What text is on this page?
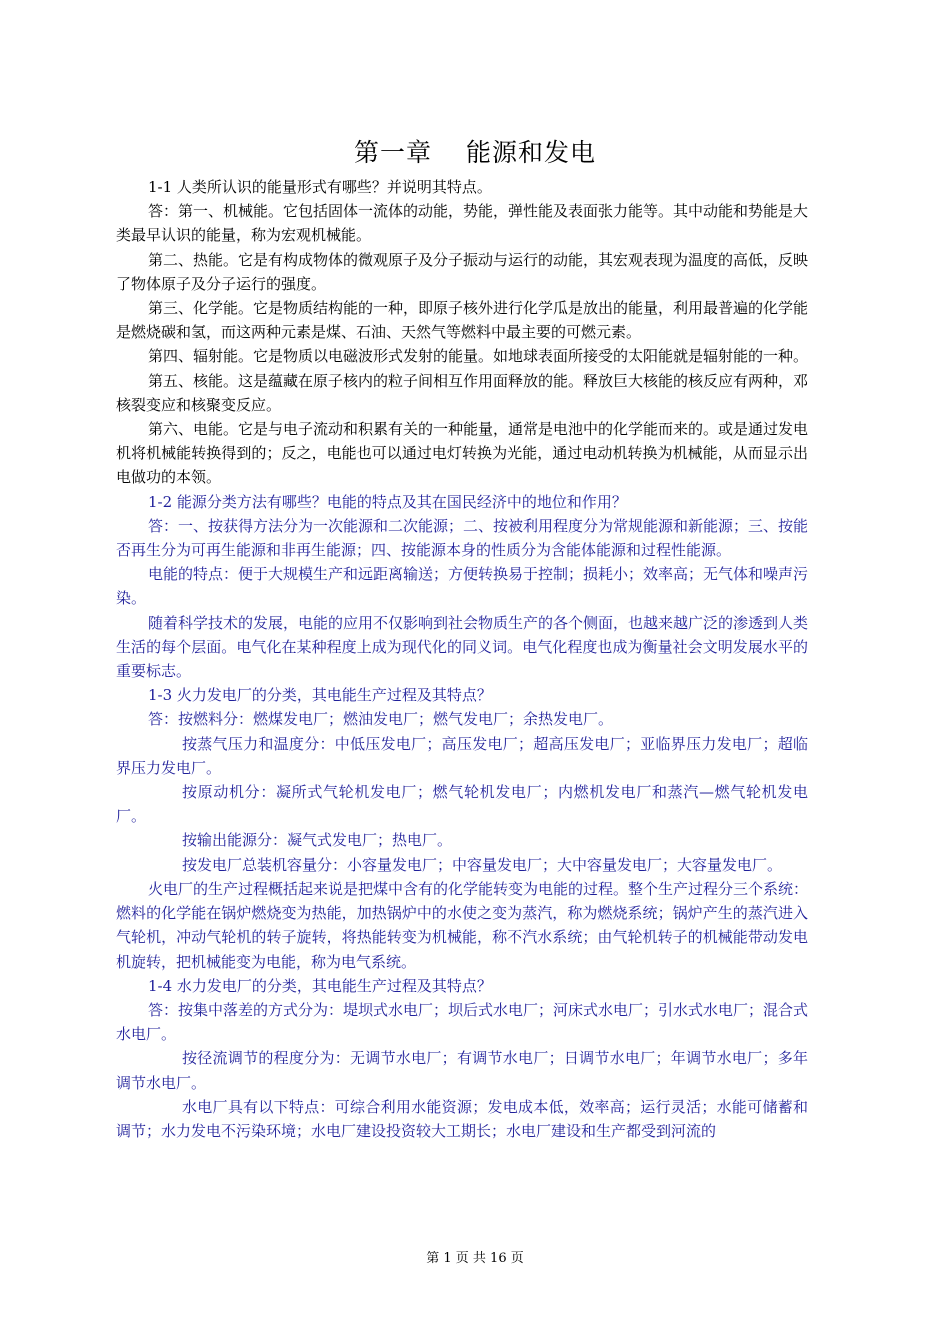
第一章 能源和发电

1-1 人类所认识的能量形式有哪些？并说明其特点。

答：第一、机械能。它包括固体一流体的动能，势能，弹性能及表面张力能等。其中动能和势能是大类最早认识的能量，称为宏观机械能。

第二、热能。它是有构成物体的微观原子及分子振动与运行的动能，其宏观表现为温度的高低，反映了物体原子及分子运行的强度。

第三、化学能。它是物质结构能的一种，即原子核外进行化学瓜是放出的能量，利用最普遍的化学能是燃烧碳和氢，而这两种元素是煤、石油、天然气等燃料中最主要的可燃元素。

第四、辐射能。它是物质以电磁波形式发射的能量。如地球表面所接受的太阳能就是辐射能的一种。

第五、核能。这是蕴藏在原子核内的粒子间相互作用面释放的能。释放巨大核能的核反应有两种，邓核裂变应和核聚变反应。

第六、电能。它是与电子流动和积累有关的一种能量，通常是电池中的化学能而来的。或是通过发电机将机械能转换得到的；反之，电能也可以通过电灯转换为光能，通过电动机转换为机械能，从而显示出电做功的本领。

1-2 能源分类方法有哪些？电能的特点及其在国民经济中的地位和作用？

答：一、按获得方法分为一次能源和二次能源；二、按被利用程度分为常规能源和新能源；三、按能否再生分为可再生能源和非再生能源；四、按能源本身的性质分为含能体能源和过程性能源。

电能的特点：便于大规模生产和远距离输送；方便转换易于控制；损耗小；效率高；无气体和噪声污染。

随着科学技术的发展，电能的应用不仅影响到社会物质生产的各个侧面，也越来越广泛的渗透到人类生活的每个层面。电气化在某种程度上成为现代化的同义词。电气化程度也成为衡量社会文明发展水平的重要标志。

1-3 火力发电厂的分类，其电能生产过程及其特点？

答：按燃料分：燃煤发电厂；燃油发电厂；燃气发电厂；余热发电厂。

按蒸气压力和温度分：中低压发电厂；高压发电厂；超高压发电厂；亚临界压力发电厂；超临界压力发电厂。

按原动机分：凝所式气轮机发电厂；燃气轮机发电厂；内燃机发电厂和蒸汽—燃气轮机发电厂。

按输出能源分：凝气式发电厂；热电厂。

按发电厂总装机容量分：小容量发电厂；中容量发电厂；大中容量发电厂；大容量发电厂。

火电厂的生产过程概括起来说是把煤中含有的化学能转变为电能的过程。整个生产过程分三个系统：燃料的化学能在锅炉燃烧变为热能，加热锅炉中的水使之变为蒸汽，称为燃烧系统；锅炉产生的蒸汽进入气轮机，冲动气轮机的转子旋转，将热能转变为机械能，称不汽水系统；由气轮机转子的机械能带动发电机旋转，把机械能变为电能，称为电气系统。

1-4 水力发电厂的分类，其电能生产过程及其特点？

答：按集中落差的方式分为：堤坝式水电厂；坝后式水电厂；河床式水电厂；引水式水电厂；混合式水电厂。

按径流调节的程度分为：无调节水电厂；有调节水电厂；日调节水电厂；年调节水电厂；多年调节水电厂。

水电厂具有以下特点：可综合利用水能资源；发电成本低，效率高；运行灵活；水能可储蓄和调节；水力发电不污染环境；水电厂建设投资较大工期长；水电厂建设和生产都受到河流的

第 1 页 共 16 页
